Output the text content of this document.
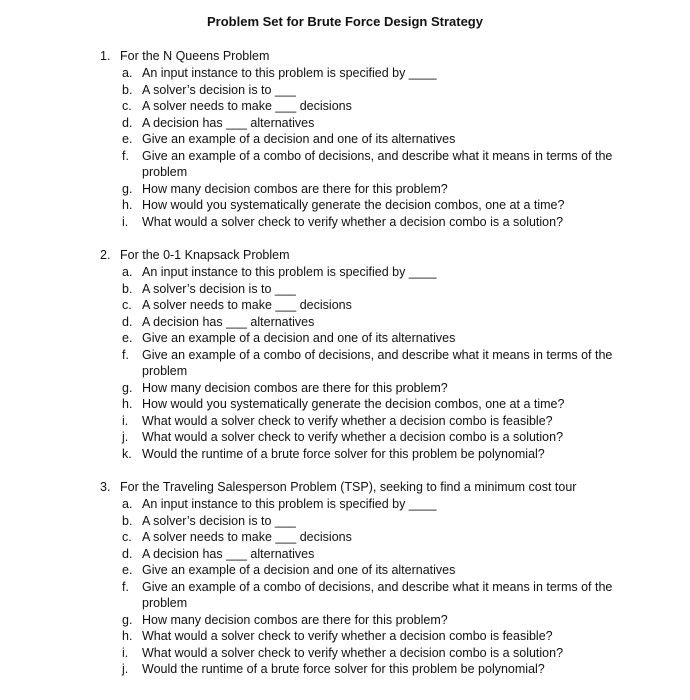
Problem Set for Brute Force Design Strategy
1. For the N Queens Problem
a. An input instance to this problem is specified by ____
b. A solver’s decision is to ___
c. A solver needs to make ___ decisions
d. A decision has ___ alternatives
e. Give an example of a decision and one of its alternatives
f. Give an example of a combo of decisions, and describe what it means in terms of the problem
g. How many decision combos are there for this problem?
h. How would you systematically generate the decision combos, one at a time?
i. What would a solver check to verify whether a decision combo is a solution?
2. For the 0-1 Knapsack Problem
a. An input instance to this problem is specified by ____
b. A solver’s decision is to ___
c. A solver needs to make ___ decisions
d. A decision has ___ alternatives
e. Give an example of a decision and one of its alternatives
f. Give an example of a combo of decisions, and describe what it means in terms of the problem
g. How many decision combos are there for this problem?
h. How would you systematically generate the decision combos, one at a time?
i. What would a solver check to verify whether a decision combo is feasible?
j. What would a solver check to verify whether a decision combo is a solution?
k. Would the runtime of a brute force solver for this problem be polynomial?
3. For the Traveling Salesperson Problem (TSP), seeking to find a minimum cost tour
a. An input instance to this problem is specified by ____
b. A solver’s decision is to ___
c. A solver needs to make ___ decisions
d. A decision has ___ alternatives
e. Give an example of a decision and one of its alternatives
f. Give an example of a combo of decisions, and describe what it means in terms of the problem
g. How many decision combos are there for this problem?
h. What would a solver check to verify whether a decision combo is feasible?
i. What would a solver check to verify whether a decision combo is a solution?
j. Would the runtime of a brute force solver for this problem be polynomial?
